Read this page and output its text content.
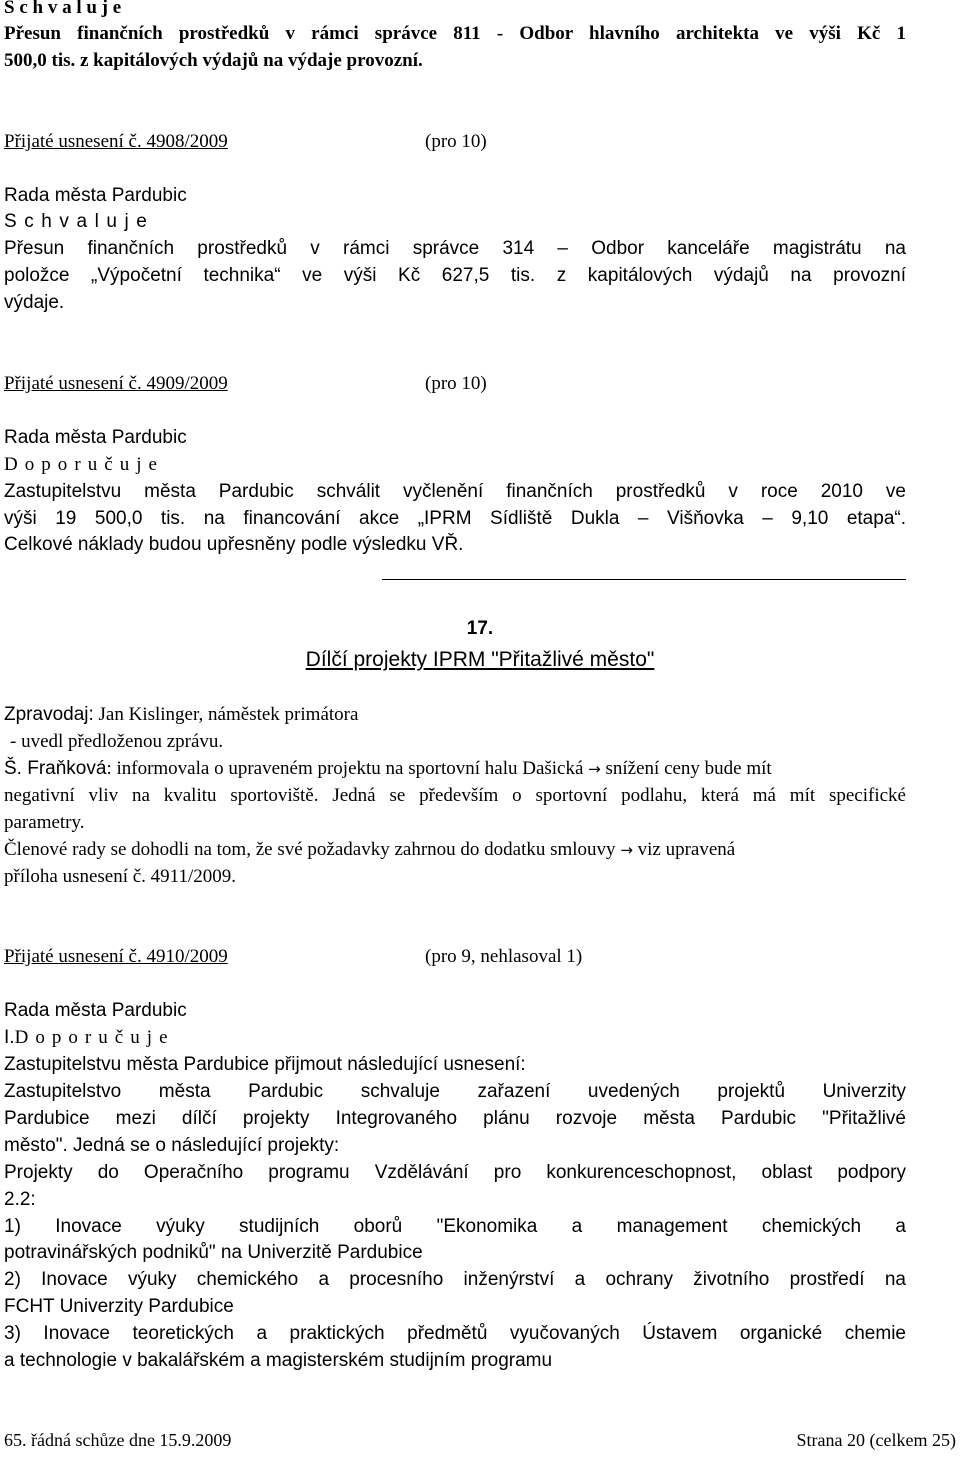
S c h v a l u j e
Přesun finančních prostředků v rámci správce 811 - Odbor hlavního architekta ve výši Kč 1
500,0 tis. z kapitálových výdajů na výdaje provozní.
Přijaté usnesení č. 4908/2009	(pro 10)
Rada města Pardubic
S c h v a l u j e
Přesun finančních prostředků v rámci správce 314 – Odbor kanceláře magistrátu na
položce „Výpočetní technika“ ve výši Kč 627,5 tis. z kapitálových výdajů na provozní
výdaje.
Přijaté usnesení č. 4909/2009	(pro 10)
Rada města Pardubic
D o p o r u č u j e
Zastupitelstvu města Pardubic schválit vyčlenění finančních prostředků v roce 2010 ve
výši 19 500,0 tis. na financování akce „IPRM Sídliště Dukla – Višňovka – 9,10 etapa“.
Celkové náklady budou upřesněny podle výsledku VŘ.
17.
Dílčí projekty IPRM "Přitažlivé město"
Zpravodaj: Jan Kislinger, náměstek primátora
- uvedl předloženou zprávu.
Š. Fraňková: informovala o upraveném projektu na sportovní halu Dašická → snížení ceny bude mít
negativní vliv na kvalitu sportoviště. Jedná se především o sportovní podlahu, která má mít specifické
parametry.
Členové rady se dohodli na tom, že své požadavky zahrnou do dodatku smlouvy → viz upravená
příloha usnesení č. 4911/2009.
Přijaté usnesení č. 4910/2009	(pro 9, nehlasoval 1)
Rada města Pardubic
I.D o p o r u č u j e
Zastupitelstvu města Pardubice přijmout následující usnesení:
Zastupitelstvo města Pardubic schvaluje zařazení uvedených projektů Univerzity
Pardubice mezi dílčí projekty Integrovaného plánu rozvoje města Pardubic "Přitažlivé
město". Jedná se o následující projekty:
Projekty do Operačního programu Vzdělávání pro konkurenceschopnost, oblast podpory
2.2:
1) Inovace výuky studijních oborů "Ekonomika a management chemických a
potravinářských podniků" na Univerzitě Pardubice
2) Inovace výuky chemického a procesního inženýrství a ochrany životního prostředí na
FCHT Univerzity Pardubice
3) Inovace teoretických a praktických předmětů vyučovaných Ústavem organické chemie
a technologie v bakalářském a magisterském studijním programu
65. řádná schůze dne 15.9.2009	Strana 20 (celkem 25)
